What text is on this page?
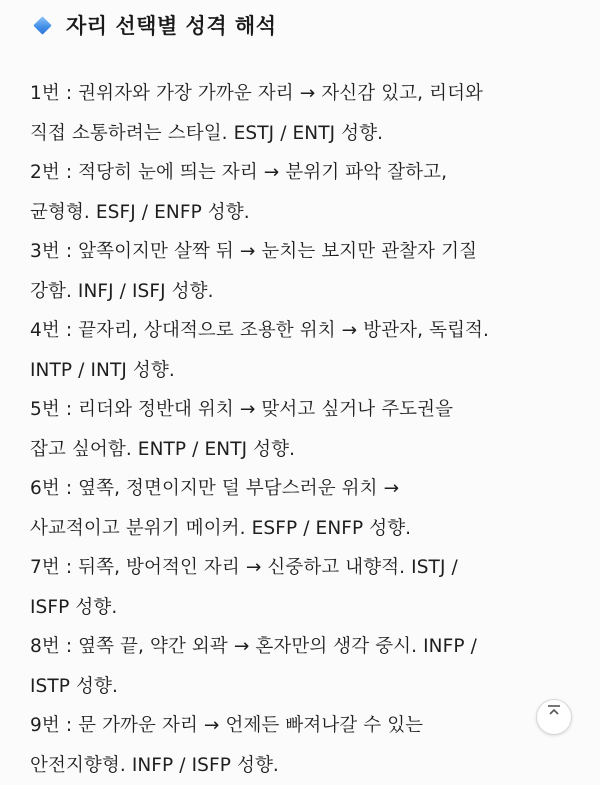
자리 선택별 성격 해석
1번 : 권위자와 가장 가까운 자리 → 자신감 있고, 리더와
직접 소통하려는 스타일. ESTJ / ENTJ 성향.
2번 : 적당히 눈에 띄는 자리 → 분위기 파악 잘하고,
균형형. ESFJ / ENFP 성향.
3번 : 앞쪽이지만 살짝 뒤 → 눈치는 보지만 관찰자 기질
강함. INFJ / ISFJ 성향.
4번 : 끝자리, 상대적으로 조용한 위치 → 방관자, 독립적.
INTP / INTJ 성향.
5번 : 리더와 정반대 위치 → 맞서고 싶거나 주도권을
잡고 싶어함. ENTP / ENTJ 성향.
6번 : 옆쪽, 정면이지만 덜 부담스러운 위치 →
사교적이고 분위기 메이커. ESFP / ENFP 성향.
7번 : 뒤쪽, 방어적인 자리 → 신중하고 내향적. ISTJ /
ISFP 성향.
8번 : 옆쪽 끝, 약간 외곽 → 혼자만의 생각 중시. INFP /
ISTP 성향.
9번 : 문 가까운 자리 → 언제든 빠져나갈 수 있는
안전지향형. INFP / ISFP 성향.
